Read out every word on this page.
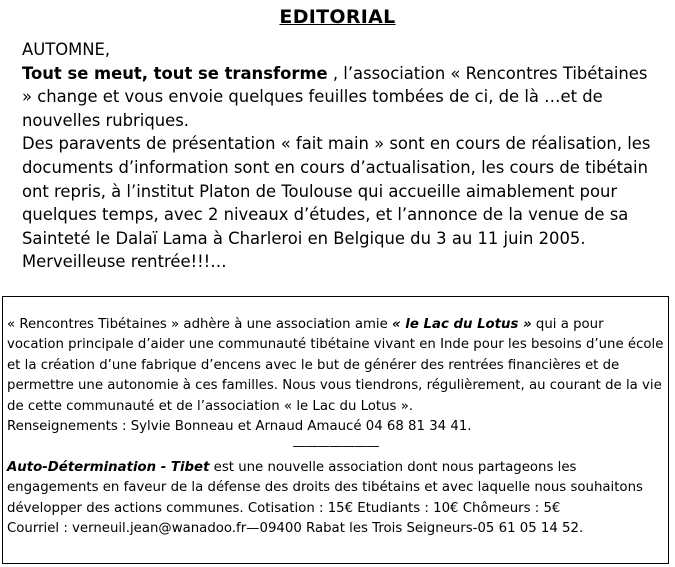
EDITORIAL

AUTOMNE,

Tout se meut, tout se transforme , l’association « Rencontres Tibétaines » change et vous envoie quelques feuilles tombées de ci, de là …et de nouvelles rubriques.

Des paravents de présentation « fait main » sont en cours de réalisation, les documents d’information sont en cours d’actualisation, les cours de tibétain ont repris, à l’institut Platon de Toulouse qui accueille aimablement pour quelques temps, avec 2 niveaux d’études, et l’annonce de la venue de sa Sainteté le Dalaï Lama à Charleroi en Belgique du 3 au 11 juin 2005.

Merveilleuse rentrée!!!…

« Rencontres Tibétaines » adhère à une association amie « le Lac du Lotus » qui a pour vocation principale d’aider une communauté tibétaine vivant en Inde pour les besoins d’une école et la création d’une fabrique d’encens avec le but de générer des rentrées financières et de permettre une autonomie à ces familles. Nous vous tiendrons, régulièrement, au courant de la vie de cette communauté et de l’association « le Lac du Lotus ».

Renseignements : Sylvie Bonneau et Arnaud Amaucé 04 68 81 34 41.

———————

Auto-Détermination - Tibet est une nouvelle association dont nous partageons les engagements en faveur de la défense des droits des tibétains et avec laquelle nous souhaitons développer des actions communes. Cotisation : 15€ Etudiants : 10€ Chômeurs : 5€

Courriel : verneuil.jean@wanadoo.fr—09400 Rabat les Trois Seigneurs-05 61 05 14 52.
